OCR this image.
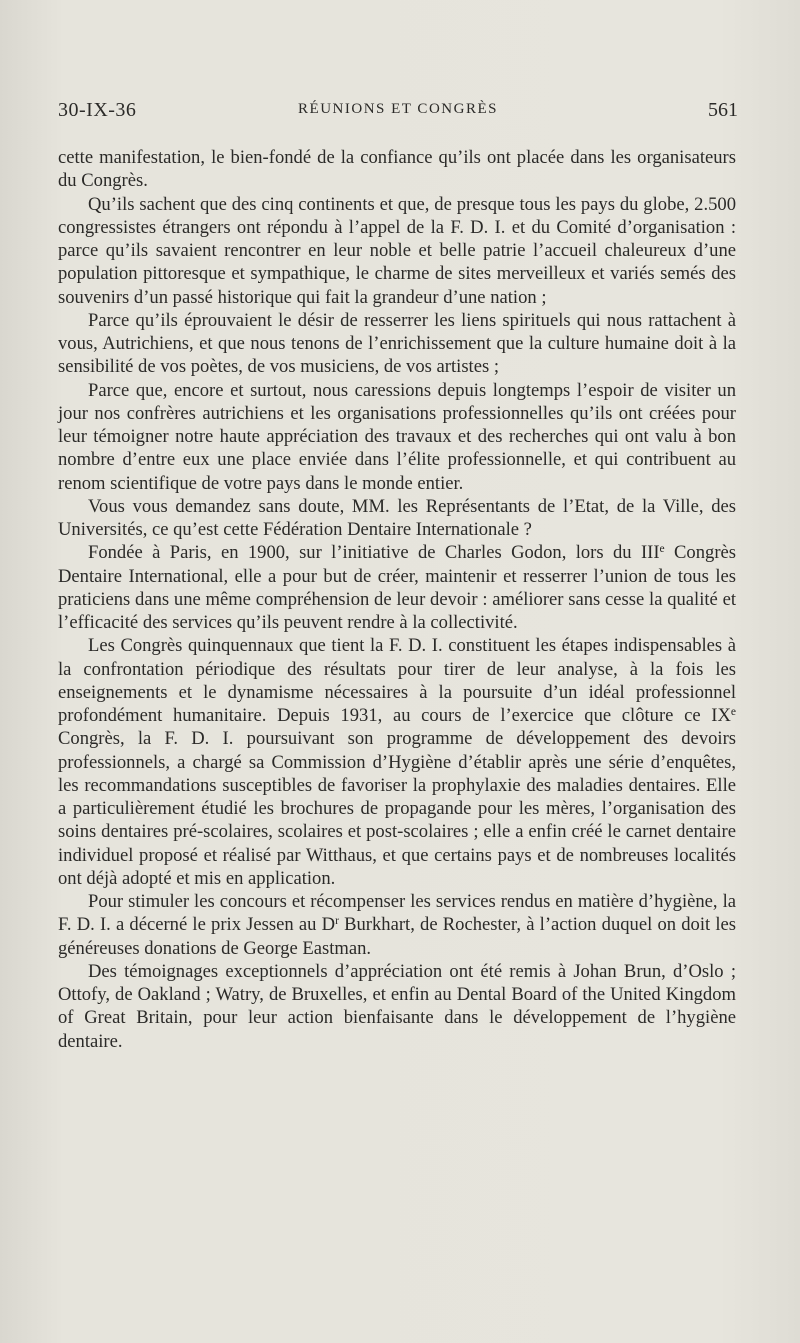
30-IX-36	RÉUNIONS ET CONGRÈS	561

cette manifestation, le bien-fondé de la confiance qu’ils ont placée dans les organisateurs du Congrès.

Qu’ils sachent que des cinq continents et que, de presque tous les pays du globe, 2.500 congressistes étrangers ont répondu à l’appel de la F. D. I. et du Comité d’organisation : parce qu’ils savaient rencontrer en leur noble et belle patrie l’accueil chaleureux d’une population pittoresque et sympathique, le charme de sites merveilleux et variés semés des souvenirs d’un passé historique qui fait la grandeur d’une nation ;

Parce qu’ils éprouvaient le désir de resserrer les liens spirituels qui nous rattachent à vous, Autrichiens, et que nous tenons de l’enrichissement que la culture humaine doit à la sensibilité de vos poètes, de vos musiciens, de vos artistes ;

Parce que, encore et surtout, nous caressions depuis longtemps l’espoir de visiter un jour nos confrères autrichiens et les organisations professionnelles qu’ils ont créées pour leur témoigner notre haute appréciation des travaux et des recherches qui ont valu à bon nombre d’entre eux une place enviée dans l’élite professionnelle, et qui contribuent au renom scientifique de votre pays dans le monde entier.

Vous vous demandez sans doute, MM. les Représentants de l’Etat, de la Ville, des Universités, ce qu’est cette Fédération Dentaire Internationale ?

Fondée à Paris, en 1900, sur l’initiative de Charles Godon, lors du IIIe Congrès Dentaire International, elle a pour but de créer, maintenir et resserrer l’union de tous les praticiens dans une même compréhension de leur devoir : améliorer sans cesse la qualité et l’efficacité des services qu’ils peuvent rendre à la collectivité.

Les Congrès quinquennaux que tient la F. D. I. constituent les étapes indispensables à la confrontation périodique des résultats pour tirer de leur analyse, à la fois les enseignements et le dynamisme nécessaires à la poursuite d’un idéal professionnel profondément humanitaire. Depuis 1931, au cours de l’exercice que clôture ce IXe Congrès, la F. D. I. poursuivant son programme de développement des devoirs professionnels, a chargé sa Commission d’Hygiène d’établir après une série d’enquêtes, les recommandations susceptibles de favoriser la prophylaxie des maladies dentaires. Elle a particulièrement étudié les brochures de propagande pour les mères, l’organisation des soins dentaires pré-scolaires, scolaires et post-scolaires ; elle a enfin créé le carnet dentaire individuel proposé et réalisé par Witthaus, et que certains pays et de nombreuses localités ont déjà adopté et mis en application.

Pour stimuler les concours et récompenser les services rendus en matière d’hygiène, la F. D. I. a décerné le prix Jessen au $D^r$ Burkhart, de Rochester, à l’action duquel on doit les généreuses donations de George Eastman.

Des témoignages exceptionnels d’appréciation ont été remis à Johan Brun, d’Oslo ; Ottofy, de Oakland ; Watry, de Bruxelles, et enfin au Dental Board of the United Kingdom of Great Britain, pour leur action bienfaisante dans le développement de l’hygiène dentaire.
